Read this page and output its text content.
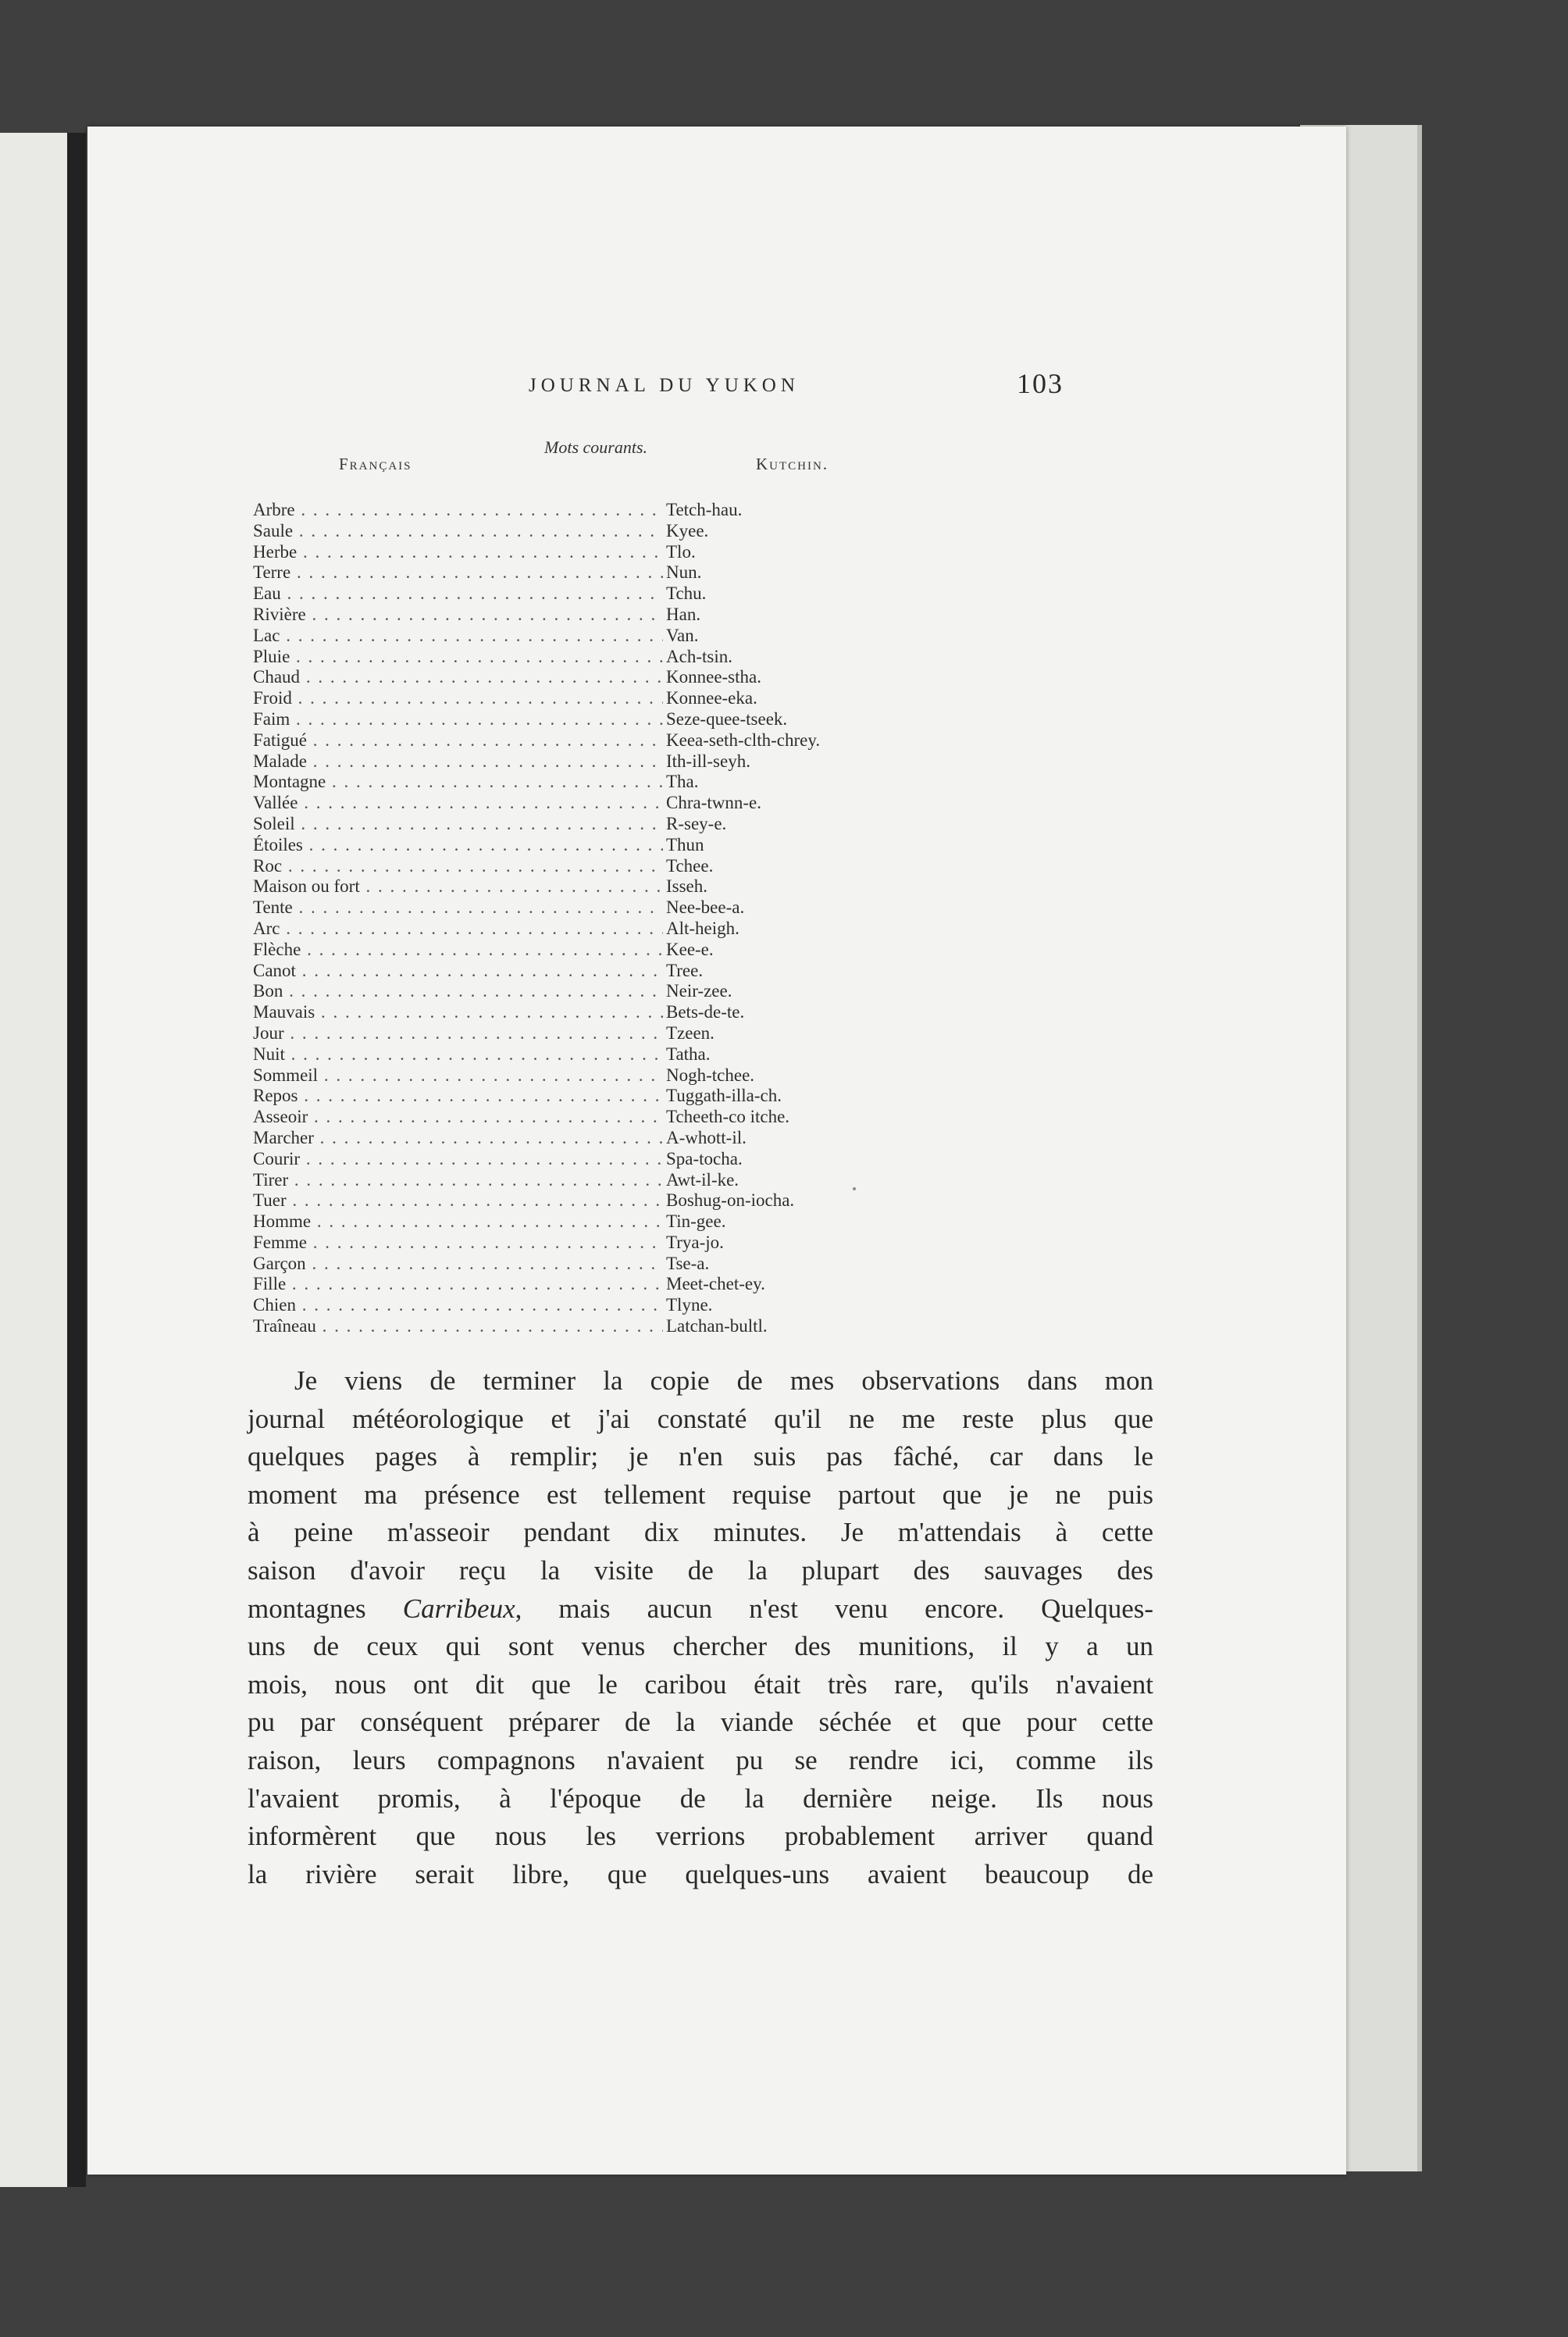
JOURNAL DU YUKON	103
Mots courants.
Français	Kutchin.
Arbre . . .	Tetch-hau.
Saule . . .	Kyee.
Herbe . . .	Tlo.
Terre . . .	Nun.
Eau . . .	Tchu.
Rivière . . .	Han.
Lac . . .	Van.
Pluie . . .	Ach-tsin.
Chaud . . .	Konnee-stha.
Froid . . .	Konnee-eka.
Faim . . .	Seze-quee-tseek.
Fatigué . . .	Keea-seth-clth-chrey.
Malade . . .	Ith-ill-seyh.
Montagne . . .	Tha.
Vallée . . .	Chra-twnn-e.
Soleil . . .	R-sey-e.
Étoiles . . .	Thun
Roc . . .	Tchee.
Maison ou fort . . .	Isseh.
Tente . . .	Nee-bee-a.
Arc . . .	Alt-heigh.
Flèche . . .	Kee-e.
Canot . . .	Tree.
Bon . . .	Neir-zee.
Mauvais . . .	Bets-de-te.
Jour . . .	Tzeen.
Nuit . . .	Tatha.
Sommeil . . .	Nogh-tchee.
Repos . . .	Tuggath-illa-ch.
Asseoir . . .	Tcheeth-co itche.
Marcher . . .	A-whott-il.
Courir . . .	Spa-tocha.
Tirer . . .	Awt-il-ke.
Tuer . . .	Boshug-on-iocha.
Homme . . .	Tin-gee.
Femme . . .	Trya-jo.
Garçon . . .	Tse-a.
Fille . . .	Meet-chet-ey.
Chien . . .	Tlyne.
Traîneau . . .	Latchan-bultl.
Je viens de terminer la copie de mes observations dans mon
journal météorologique et j'ai constaté qu'il ne me reste plus que
quelques pages à remplir; je n'en suis pas fâché, car dans le
moment ma présence est tellement requise partout que je ne puis
à peine m'asseoir pendant dix minutes. Je m'attendais à cette
saison d'avoir reçu la visite de la plupart des sauvages des
montagnes Carribeux, mais aucun n'est venu encore. Quelques-
uns de ceux qui sont venus chercher des munitions, il y a un
mois, nous ont dit que le caribou était très rare, qu'ils n'avaient
pu par conséquent préparer de la viande séchée et que pour cette
raison, leurs compagnons n'avaient pu se rendre ici, comme ils
l'avaient promis, à l'époque de la dernière neige. Ils nous
informèrent que nous les verrions probablement arriver quand
la rivière serait libre, que quelques-uns avaient beaucoup de
